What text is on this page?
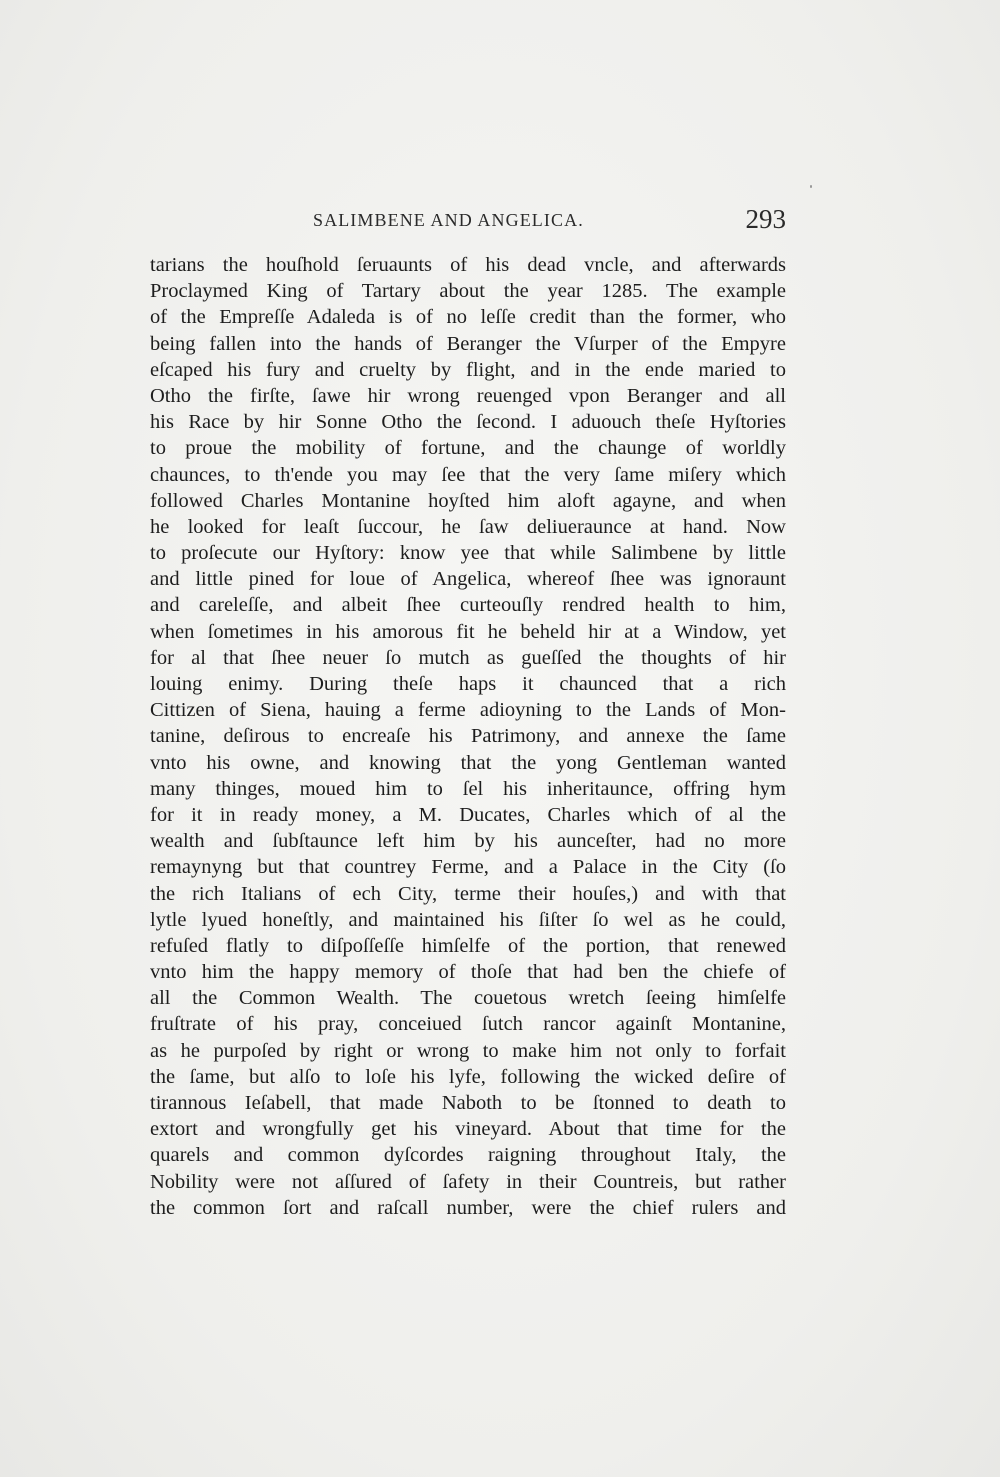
SALIMBENE AND ANGELICA.	293
tarians the houſhold ſeruaunts of his dead vncle, and afterwards
Proclaymed King of Tartary about the year 1285. The example
of the Empreſſe Adaleda is of no leſſe credit than the former, who
being fallen into the hands of Beranger the Vſurper of the Empyre
eſcaped his fury and cruelty by flight, and in the ende maried to
Otho the firſte, ſawe hir wrong reuenged vpon Beranger and all
his Race by hir Sonne Otho the ſecond. I aduouch theſe Hyſtories
to proue the mobility of fortune, and the chaunge of worldly
chaunces, to th'ende you may ſee that the very ſame miſery which
followed Charles Montanine hoyſted him aloft agayne, and when
he looked for leaſt ſuccour, he ſaw deliueraunce at hand. Now
to proſecute our Hyſtory: know yee that while Salimbene by little
and little pined for loue of Angelica, whereof ſhee was ignoraunt
and careleſſe, and albeit ſhee curteouſly rendred health to him,
when ſometimes in his amorous fit he beheld hir at a Window, yet
for al that ſhee neuer ſo mutch as gueſſed the thoughts of hir
louing enimy. During theſe haps it chaunced that a rich
Cittizen of Siena, hauing a ferme adioyning to the Lands of Mon-
tanine, deſirous to encreaſe his Patrimony, and annexe the ſame
vnto his owne, and knowing that the yong Gentleman wanted
many thinges, moued him to ſel his inheritaunce, offring hym
for it in ready money, a M. Ducates, Charles which of al the
wealth and ſubſtaunce left him by his aunceſter, had no more
remaynyng but that countrey Ferme, and a Palace in the City (ſo
the rich Italians of ech City, terme their houſes,) and with that
lytle lyued honeſtly, and maintained his ſiſter ſo wel as he could,
refuſed flatly to diſpoſſeſſe himſelfe of the portion, that renewed
vnto him the happy memory of thoſe that had ben the chiefe of
all the Common Wealth. The couetous wretch ſeeing himſelfe
fruſtrate of his pray, conceiued ſutch rancor againſt Montanine,
as he purpoſed by right or wrong to make him not only to forfait
the ſame, but alſo to loſe his lyfe, following the wicked deſire of
tirannous Ieſabell, that made Naboth to be ſtonned to death to
extort and wrongfully get his vineyard. About that time for the
quarels and common dyſcordes raigning throughout Italy, the
Nobility were not aſſured of ſafety in their Countreis, but rather
the common ſort and raſcall number, were the chief rulers and
